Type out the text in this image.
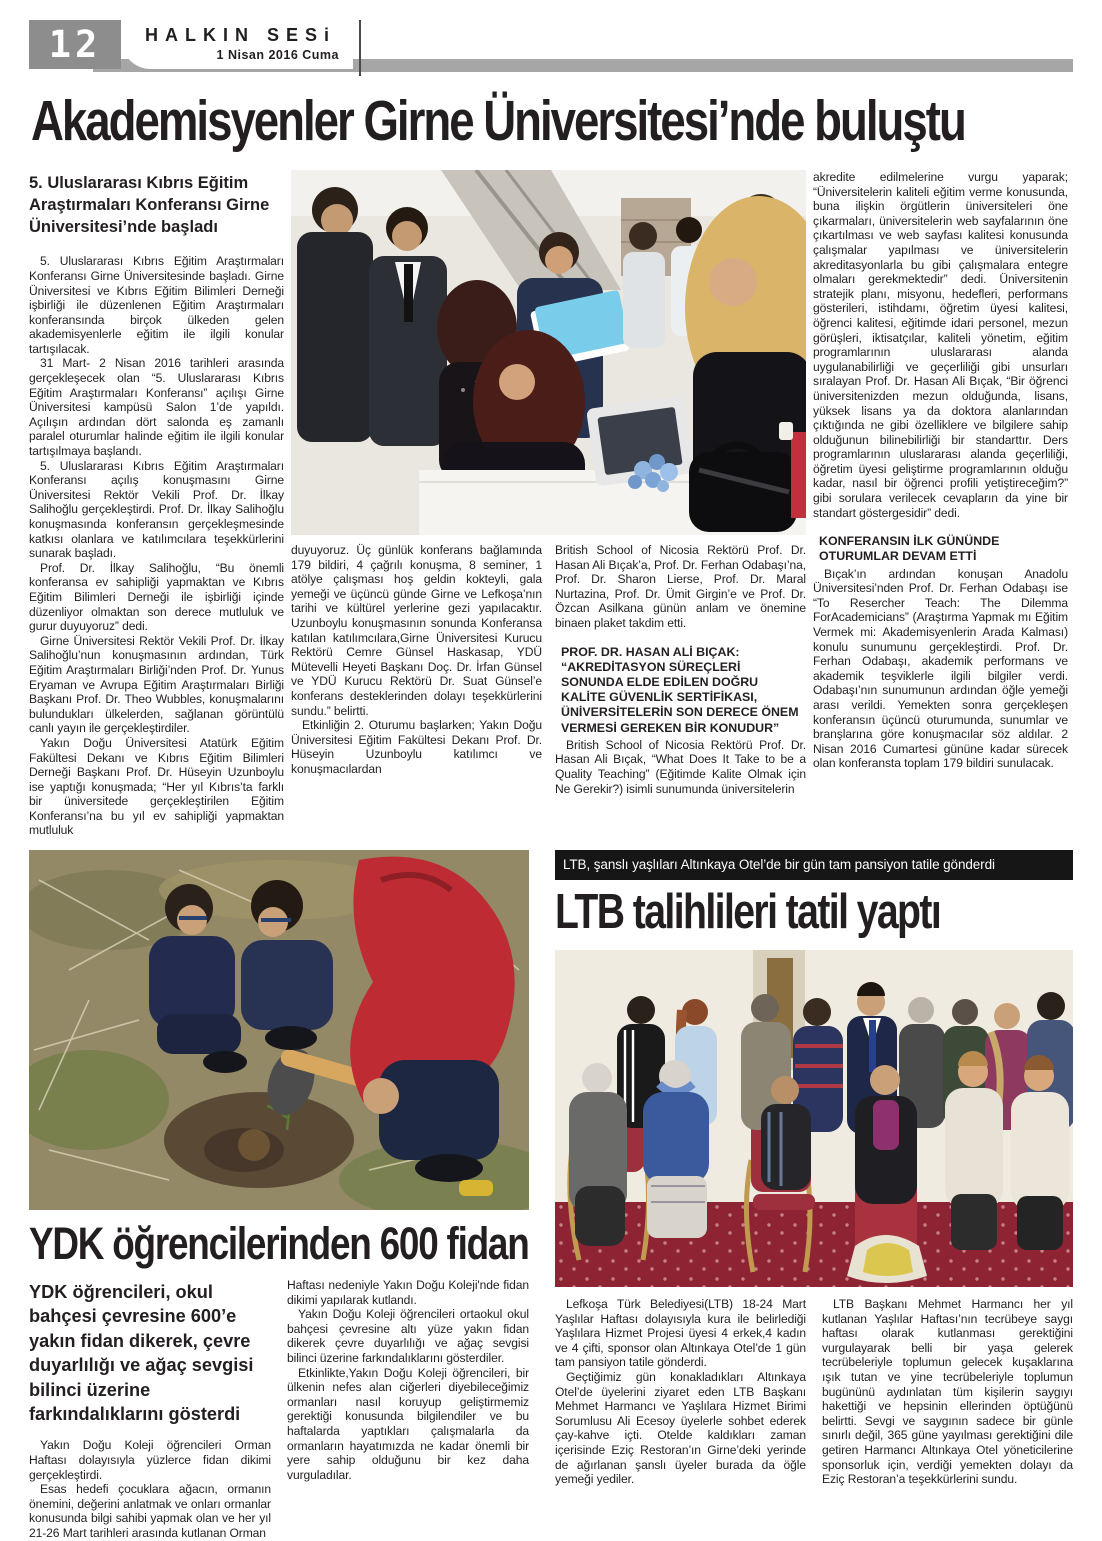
12 HALKIN SESi
1 Nisan 2016 Cuma
Akademisyenler Girne Üniversitesi’nde buluştu
5. Uluslararası Kıbrıs Eğitim Araştırmaları Konferansı Girne Üniversitesi’nde başladı

5. Uluslararası Kıbrıs Eğitim Araştırmaları Konferansı Girne Üniversitesinde başladı. Girne Üniversitesi ve Kıbrıs Eğitim Bilimleri Derneği işbirliği ile düzenlenen Eğitim Araştırmaları konferansında birçok ülkeden gelen akademisyenlerle eğitim ile ilgili konular tartışılacak.

31 Mart- 2 Nisan 2016 tarihleri arasında gerçekleşecek olan “5. Uluslararası Kıbrıs Eğitim Araştırmaları Konferansı” açılışı Girne Üniversitesi kampüsü Salon 1’de yapıldı. Açılışın ardından dört salonda eş zamanlı paralel oturumlar halinde eğitim ile ilgili konular tartışılmaya başlandı.

5. Uluslararası Kıbrıs Eğitim Araştırmaları Konferansı açılış konuşmasını Girne Üniversitesi Rektör Vekili Prof. Dr. İlkay Salihoğlu gerçekleştirdi. Prof. Dr. İlkay Salihoğlu konuşmasında konferansın gerçekleşmesinde katkısı olanlara ve katılımcılara teşekkürlerini sunarak başladı.

Prof. Dr. İlkay Salihoğlu, “Bu önemli konferansa ev sahipliği yapmaktan ve Kıbrıs Eğitim Bilimleri Derneği ile işbirliği içinde düzenliyor olmaktan son derece mutluluk ve gurur duyuyoruz” dedi.

Girne Üniversitesi Rektör Vekili Prof. Dr. İlkay Salihoğlu’nun konuşmasının ardından, Türk Eğitim Araştırmaları Birliği’nden Prof. Dr. Yunus Eryaman ve Avrupa Eğitim Araştırmaları Birliği Başkanı Prof. Dr. Theo Wubbles, konuşmalarını bulundukları ülkelerden, sağlanan görüntülü canlı yayın ile gerçekleştirdiler.

Yakın Doğu Üniversitesi Atatürk Eğitim Fakültesi Dekanı ve Kıbrıs Eğitim Bilimleri Derneği Başkanı Prof. Dr. Hüseyin Uzunboylu ise yaptığı konuşmada; “Her yıl Kıbrıs’ta farklı bir üniversitede gerçekleştirilen Eğitim Konferansı’na bu yıl ev sahipliği yapmaktan mutluluk

duyuyoruz. Üç günlük konferans bağlamında 179 bildiri, 4 çağrılı konuşma, 8 seminer, 1 atölye çalışması hoş geldin kokteyli, gala yemeği ve üçüncü günde Girne ve Lefkoşa’nın tarihi ve kültürel yerlerine gezi yapılacaktır. Uzunboylu konuşmasının sonunda Konferansa katılan katılımcılara,Girne Üniversitesi Kurucu Rektörü Cemre Günsel Haskasap, YDÜ Mütevelli Heyeti Başkanı Doç. Dr. İrfan Günsel ve YDÜ Kurucu Rektörü Dr. Suat Günsel’e konferans desteklerinden dolayı teşekkürlerini sundu.” belirtti.

Etkinliğin 2. Oturumu başlarken; Yakın Doğu Üniversitesi Eğitim Fakültesi Dekanı Prof. Dr. Hüseyin Uzunboylu katılımcı ve konuşmacılardan

British School of Nicosia Rektörü Prof. Dr. Hasan Ali Bıçak’a, Prof. Dr. Ferhan Odabaşı’na, Prof. Dr. Sharon Lierse, Prof. Dr. Maral Nurtazina, Prof. Dr. Ümit Girgin’e ve Prof. Dr. Özcan Asilkana günün anlam ve önemine binaen plaket takdim etti.

PROF. DR. HASAN ALİ BIÇAK: “AKREDİTASYON SÜREÇLERİ SONUNDA ELDE EDİLEN DOĞRU KALİTE GÜVENLİK SERTİFİKASI, ÜNİVERSİTELERİN SON DERECE ÖNEM VERMESİ GEREKEN BİR KONUDUR”

British School of Nicosia Rektörü Prof. Dr. Hasan Ali Bıçak, “What Does It Take to be a Quality Teaching” (Eğitimde Kalite Olmak için Ne Gerekir?) isimli sunumunda üniversitelerin

akredite edilmelerine vurgu yaparak; “Üniversitelerin kaliteli eğitim verme konusunda, buna ilişkin örgütlerin üniversiteleri öne çıkarmaları, üniversitelerin web sayfalarının öne çıkartılması ve web sayfası kalitesi konusunda çalışmalar yapılması ve üniversitelerin akreditasyonlarla bu gibi çalışmalara entegre olmaları gerekmektedir” dedi. Üniversitenin stratejik planı, misyonu, hedefleri, performans gösterileri, istihdamı, öğretim üyesi kalitesi, öğrenci kalitesi, eğitimde idari personel, mezun görüşleri, iktisatçılar, kaliteli yönetim, eğitim programlarının uluslararası alanda uygulanabilirliği ve geçerliliği gibi unsurları sıralayan Prof. Dr. Hasan Ali Bıçak, “Bir öğrenci üniversitenizden mezun olduğunda, lisans, yüksek lisans ya da doktora alanlarından çıktığında ne gibi özelliklere ve bilgilere sahip olduğunun bilinebilirliği bir standarttır. Ders programlarının uluslararası alanda geçerliliği, öğretim üyesi geliştirme programlarının olduğu kadar, nasıl bir öğrenci profili yetiştireceğim?” gibi sorulara verilecek cevapların da yine bir standart göstergesidir” dedi.

KONFERANSIN İLK GÜNÜNDE OTURUMLAR DEVAM ETTİ

Bıçak’ın ardından konuşan Anadolu Üniversitesi’nden Prof. Dr. Ferhan Odabaşı ise “To Resercher Teach: The Dilemma ForAcademicians” (Araştırma Yapmak mı Eğitim Vermek mi: Akademisyenlerin Arada Kalması) konulu sunumunu gerçekleştirdi. Prof. Dr. Ferhan Odabaşı, akademik performans ve akademik teşviklerle ilgili bilgiler verdi. Odabaşı’nın sunumunun ardından öğle yemeği arası verildi. Yemekten sonra gerçekleşen konferansın üçüncü oturumunda, sunumlar ve branşlarına göre konuşmacılar söz aldılar. 2 Nisan 2016 Cumartesi gününe kadar sürecek olan konferansta toplam 179 bildiri sunulacak.

YDK öğrencilerinden 600 fidan
YDK öğrencileri, okul bahçesi çevresine 600’e yakın fidan dikerek, çevre duyarlılığı ve ağaç sevgisi bilinci üzerine farkındalıklarını gösterdi

Yakın Doğu Koleji öğrencileri Orman Haftası dolayısıyla yüzlerce fidan dikimi gerçekleştirdi.

Esas hedefi çocuklara ağacın, ormanın önemini, değerini anlatmak ve onları ormanlar konusunda bilgi sahibi yapmak olan ve her yıl 21-26 Mart tarihleri arasında kutlanan Orman

Haftası nedeniyle Yakın Doğu Koleji'nde fidan dikimi yapılarak kutlandı.

Yakın Doğu Koleji öğrencileri ortaokul okul bahçesi çevresine altı yüze yakın fidan dikerek çevre duyarlılığı ve ağaç sevgisi bilinci üzerine farkındalıklarını gösterdiler.

Etkinlikte,Yakın Doğu Koleji öğrencileri, bir ülkenin nefes alan ciğerleri diyebileceğimiz ormanları nasıl koruyup geliştirmemiz gerektiği konusunda bilgilendiler ve bu haftalarda yaptıkları çalışmalarla da ormanların hayatımızda ne kadar önemli bir yere sahip olduğunu bir kez daha vurguladılar.

LTB, şanslı yaşlıları Altınkaya Otel’de bir gün tam pansiyon tatile gönderdi
LTB talihlileri tatil yaptı

Lefkoşa Türk Belediyesi(LTB) 18-24 Mart Yaşlılar Haftası dolayısıyla kura ile belirlediği Yaşlılara Hizmet Projesi üyesi 4 erkek,4 kadın ve 4 çifti, sponsor olan Altınkaya Otel’de 1 gün tam pansiyon tatile gönderdi.

Geçtiğimiz gün konakladıkları Altınkaya Otel’de üyelerini ziyaret eden LTB Başkanı Mehmet Harmancı ve Yaşlılara Hizmet Birimi Sorumlusu Ali Ecesoy üyelerle sohbet ederek çay-kahve içti. Otelde kaldıkları zaman içerisinde Eziç Restoran’ın Girne’deki yerinde de ağırlanan şanslı üyeler burada da öğle yemeği yediler.

LTB Başkanı Mehmet Harmancı her yıl kutlanan Yaşlılar Haftası’nın tecrübeye saygı haftası olarak kutlanması gerektiğini vurgulayarak belli bir yaşa gelerek tecrübeleriyle toplumun gelecek kuşaklarına ışık tutan ve yine tecrübeleriyle toplumun bugününü aydınlatan tüm kişilerin saygıyı hakettiği ve hepsinin ellerinden öptüğünü belirtti. Sevgi ve saygının sadece bir günle sınırlı değil, 365 güne yayılması gerektiğini dile getiren Harmancı Altınkaya Otel yöneticilerine sponsorluk için, verdiği yemekten dolayı da Eziç Restoran’a teşekkürlerini sundu.
